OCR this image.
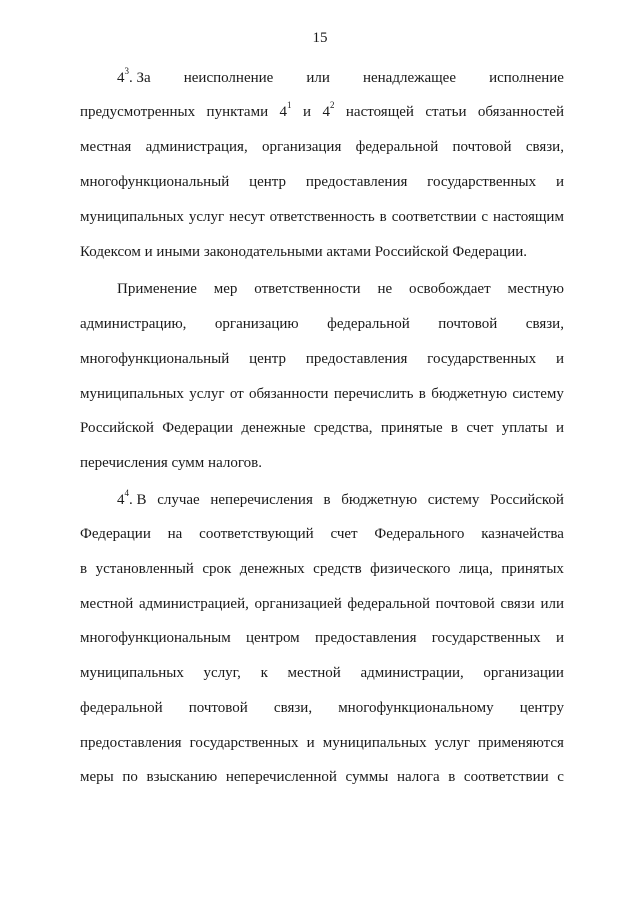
15
$4^3$. За неисполнение или ненадлежащее исполнение
предусмотренных пунктами $4^1$ и $4^2$ настоящей статьи обязанностей
местная администрация, организация федеральной почтовой связи,
многофункциональный центр предоставления государственных и
муниципальных услуг несут ответственность в соответствии с настоящим
Кодексом и иными законодательными актами Российской Федерации.
Применение мер ответственности не освобождает местную
администрацию, организацию федеральной почтовой связи,
многофункциональный центр предоставления государственных и
муниципальных услуг от обязанности перечислить в бюджетную систему
Российской Федерации денежные средства, принятые в счет уплаты и
перечисления сумм налогов.
$4^4$. В случае неперечисления в бюджетную систему Российской
Федерации на соответствующий счет Федерального казначейства
в установленный срок денежных средств физического лица, принятых
местной администрацией, организацией федеральной почтовой связи или
многофункциональным центром предоставления государственных и
муниципальных услуг, к местной администрации, организации
федеральной почтовой связи, многофункциональному центру
предоставления государственных и муниципальных услуг применяются
меры по взысканию неперечисленной суммы налога в соответствии с
